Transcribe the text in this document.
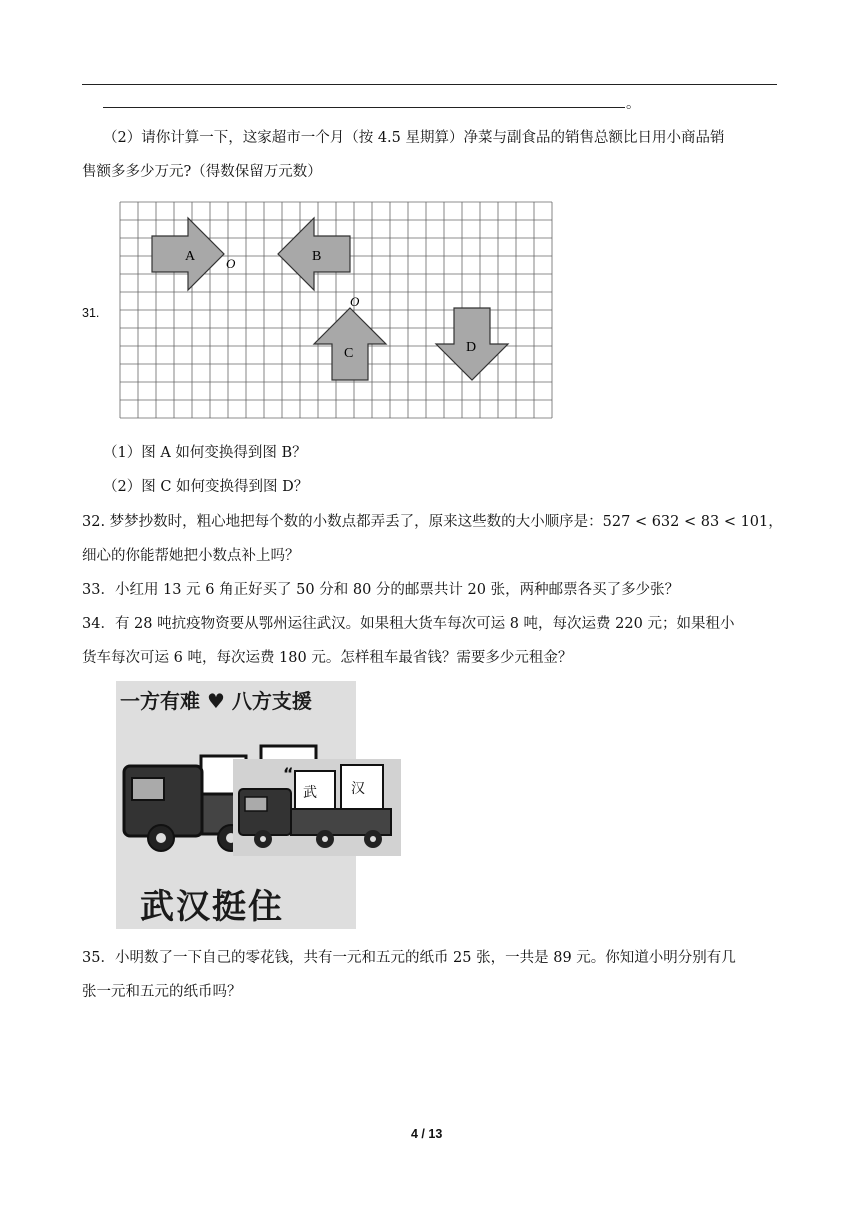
。
（2）请你计算一下，这家超市一个月（按 4.5 星期算）净菜与副食品的销售总额比日用小商品销
售额多多少万元?（得数保留万元数）
31.
A	B
C	D
O
O
（1）图 A 如何变换得到图 B？
（2）图 C 如何变换得到图 D？
32. 梦梦抄数时，粗心地把每个数的小数点都弄丢了，原来这些数的大小顺序是：527 < 632 < 83 < 101，
细心的你能帮她把小数点补上吗？
33．小红用 13 元 6 角正好买了 50 分和 80 分的邮票共计 20 张，两种邮票各买了多少张？
34．有 28 吨抗疫物资要从鄂州运往武汉。如果租大货车每次可运 8 吨，每次运费 220 元；如果租小
货车每次可运 6 吨，每次运费 180 元。怎样租车最省钱？需要多少元租金？
一方有难 ♥ 八方支援
武汉挺住
“
武 汉
35．小明数了一下自己的零花钱，共有一元和五元的纸币 25 张，一共是 89 元。你知道小明分别有几
张一元和五元的纸币吗？
4 / 13
